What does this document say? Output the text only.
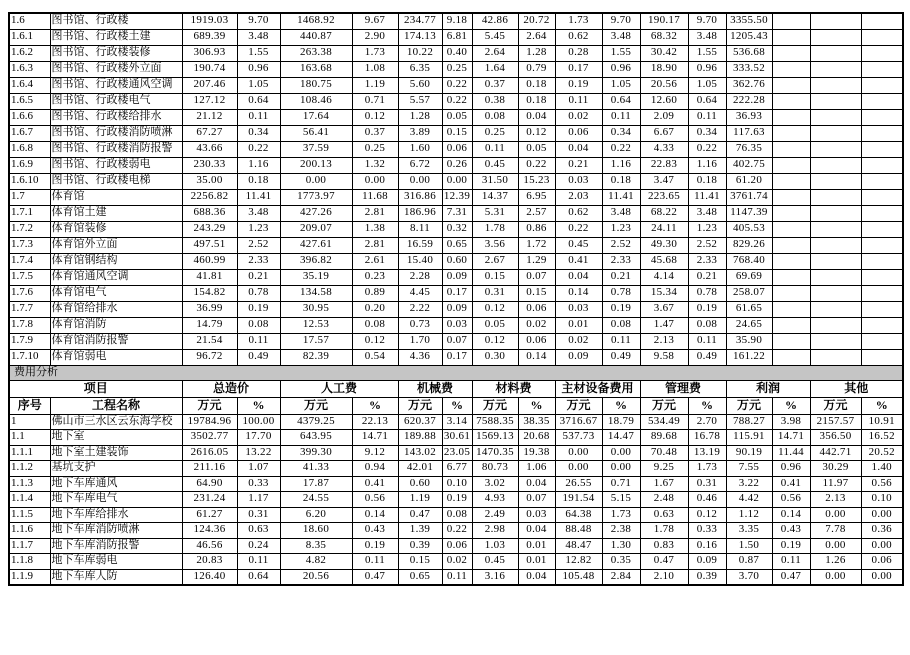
1.6	图书馆、行政楼	1919.03	9.70	1468.92	9.67	234.77	9.18	42.86	20.72	1.73	9.70	190.17	9.70	3355.50			
1.6.1	图书馆、行政楼土建	689.39	3.48	440.87	2.90	174.13	6.81	5.45	2.64	0.62	3.48	68.32	3.48	1205.43			
1.6.2	图书馆、行政楼装修	306.93	1.55	263.38	1.73	10.22	0.40	2.64	1.28	0.28	1.55	30.42	1.55	536.68			
1.6.3	图书馆、行政楼外立面	190.74	0.96	163.68	1.08	6.35	0.25	1.64	0.79	0.17	0.96	18.90	0.96	333.52			
1.6.4	图书馆、行政楼通风空调	207.46	1.05	180.75	1.19	5.60	0.22	0.37	0.18	0.19	1.05	20.56	1.05	362.76			
1.6.5	图书馆、行政楼电气	127.12	0.64	108.46	0.71	5.57	0.22	0.38	0.18	0.11	0.64	12.60	0.64	222.28			
1.6.6	图书馆、行政楼给排水	21.12	0.11	17.64	0.12	1.28	0.05	0.08	0.04	0.02	0.11	2.09	0.11	36.93			
1.6.7	图书馆、行政楼消防喷淋	67.27	0.34	56.41	0.37	3.89	0.15	0.25	0.12	0.06	0.34	6.67	0.34	117.63			
1.6.8	图书馆、行政楼消防报警	43.66	0.22	37.59	0.25	1.60	0.06	0.11	0.05	0.04	0.22	4.33	0.22	76.35			
1.6.9	图书馆、行政楼弱电	230.33	1.16	200.13	1.32	6.72	0.26	0.45	0.22	0.21	1.16	22.83	1.16	402.75			
1.6.10	图书馆、行政楼电梯	35.00	0.18	0.00	0.00	0.00	0.00	31.50	15.23	0.03	0.18	3.47	0.18	61.20			
1.7	体育馆	2256.82	11.41	1773.97	11.68	316.86	12.39	14.37	6.95	2.03	11.41	223.65	11.41	3761.74			
1.7.1	体育馆土建	688.36	3.48	427.26	2.81	186.96	7.31	5.31	2.57	0.62	3.48	68.22	3.48	1147.39			
1.7.2	体育馆装修	243.29	1.23	209.07	1.38	8.11	0.32	1.78	0.86	0.22	1.23	24.11	1.23	405.53			
1.7.3	体育馆外立面	497.51	2.52	427.61	2.81	16.59	0.65	3.56	1.72	0.45	2.52	49.30	2.52	829.26			
1.7.4	体育馆钢结构	460.99	2.33	396.82	2.61	15.40	0.60	2.67	1.29	0.41	2.33	45.68	2.33	768.40			
1.7.5	体育馆通风空调	41.81	0.21	35.19	0.23	2.28	0.09	0.15	0.07	0.04	0.21	4.14	0.21	69.69			
1.7.6	体育馆电气	154.82	0.78	134.58	0.89	4.45	0.17	0.31	0.15	0.14	0.78	15.34	0.78	258.07			
1.7.7	体育馆给排水	36.99	0.19	30.95	0.20	2.22	0.09	0.12	0.06	0.03	0.19	3.67	0.19	61.65			
1.7.8	体育馆消防	14.79	0.08	12.53	0.08	0.73	0.03	0.05	0.02	0.01	0.08	1.47	0.08	24.65			
1.7.9	体育馆消防报警	21.54	0.11	17.57	0.12	1.70	0.07	0.12	0.06	0.02	0.11	2.13	0.11	35.90			
1.7.10	体育馆弱电	96.72	0.49	82.39	0.54	4.36	0.17	0.30	0.14	0.09	0.49	9.58	0.49	161.22			
费用分析																	
项目		总造价		人工费		机械费		材料费		主材设备费用		管理费		利润		其他	
序号	工程名称	万元	%	万元	%	万元	%	万元	%	万元	%	万元	%	万元	%	万元	%
1	佛山市三水区云东海学校	19784.96	100.00	4379.25	22.13	620.37	3.14	7588.35	38.35	3716.67	18.79	534.49	2.70	788.27	3.98	2157.57	10.91
1.1	地下室	3502.77	17.70	643.95	14.71	189.88	30.61	1569.13	20.68	537.73	14.47	89.68	16.78	115.91	14.71	356.50	16.52
1.1.1	地下室土建装饰	2616.05	13.22	399.30	9.12	143.02	23.05	1470.35	19.38	0.00	0.00	70.48	13.19	90.19	11.44	442.71	20.52
1.1.2	基坑支护	211.16	1.07	41.33	0.94	42.01	6.77	80.73	1.06	0.00	0.00	9.25	1.73	7.55	0.96	30.29	1.40
1.1.3	地下车库通风	64.90	0.33	17.87	0.41	0.60	0.10	3.02	0.04	26.55	0.71	1.67	0.31	3.22	0.41	11.97	0.56
1.1.4	地下车库电气	231.24	1.17	24.55	0.56	1.19	0.19	4.93	0.07	191.54	5.15	2.48	0.46	4.42	0.56	2.13	0.10
1.1.5	地下车库给排水	61.27	0.31	6.20	0.14	0.47	0.08	2.49	0.03	64.38	1.73	0.63	0.12	1.12	0.14	0.00	0.00
1.1.6	地下车库消防喷淋	124.36	0.63	18.60	0.43	1.39	0.22	2.98	0.04	88.48	2.38	1.78	0.33	3.35	0.43	7.78	0.36
1.1.7	地下车库消防报警	46.56	0.24	8.35	0.19	0.39	0.06	1.03	0.01	48.47	1.30	0.83	0.16	1.50	0.19	0.00	0.00
1.1.8	地下车库弱电	20.83	0.11	4.82	0.11	0.15	0.02	0.45	0.01	12.82	0.35	0.47	0.09	0.87	0.11	1.26	0.06
1.1.9	地下车库人防	126.40	0.64	20.56	0.47	0.65	0.11	3.16	0.04	105.48	2.84	2.10	0.39	3.70	0.47	0.00	0.00
